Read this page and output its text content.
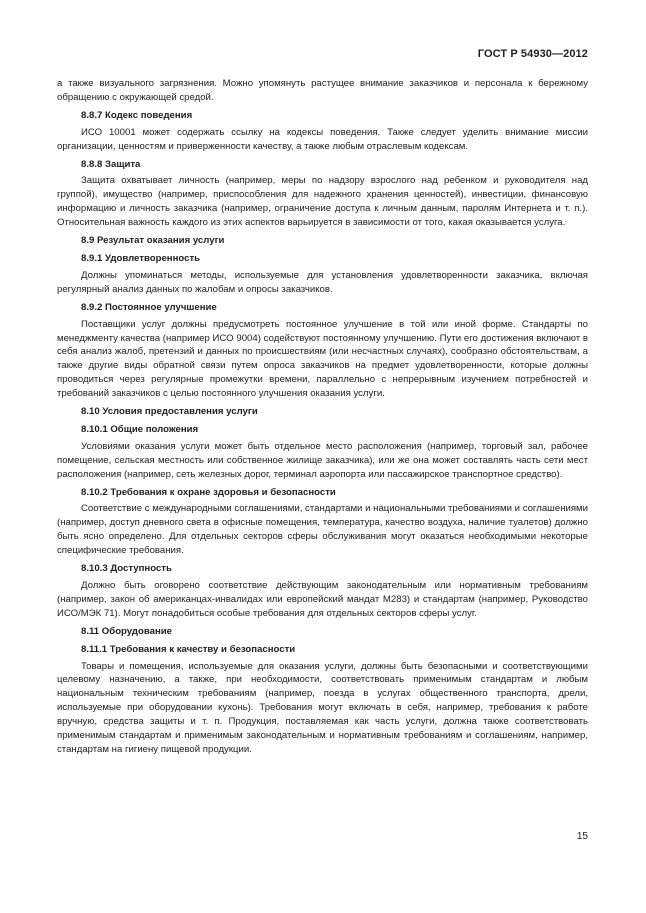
ГОСТ Р 54930—2012

а также визуального загрязнения. Можно упомянуть растущее внимание заказчиков и персонала к бережному обращению с окружающей средой.

8.8.7 Кодекс поведения

ИСО 10001 может содержать ссылку на кодексы поведения. Также следует уделить внимание миссии организации, ценностям и приверженности качеству, а также любым отраслевым кодексам.

8.8.8 Защита

Защита охватывает личность (например, меры по надзору взрослого над ребенком и руководителя над группой), имущество (например, приспособления для надежного хранения ценностей), инвестиции, финансовую информацию и личность заказчика (например, ограничение доступа к личным данным, паролям Интернета и т. п.). Относительная важность каждого из этих аспектов варьируется в зависимости от того, какая оказывается услуга.

8.9 Результат оказания услуги
8.9.1 Удовлетворенность

Должны упоминаться методы, используемые для установления удовлетворенности заказчика, включая регулярный анализ данных по жалобам и опросы заказчиков.

8.9.2 Постоянное улучшение

Поставщики услуг должны предусмотреть постоянное улучшение в той или иной форме. Стандарты по менеджменту качества (например ИСО 9004) содействуют постоянному улучшению. Пути его достижения включают в себя анализ жалоб, претензий и данных по происшествиям (или несчастных случаях), сообразно обстоятельствам, а также другие виды обратной связи путем опроса заказчиков на предмет удовлетворенности, которые должны проводиться через регулярные промежутки времени, параллельно с непрерывным изучением потребностей и требований заказчиков с целью постоянного улучшения оказания услуги.

8.10 Условия предоставления услуги
8.10.1 Общие положения

Условиями оказания услуги может быть отдельное место расположения (например, торговый зал, рабочее помещение, сельская местность или собственное жилище заказчика), или же она может составлять часть сети мест расположения (например, сеть железных дорог, терминал аэропорта или пассажирское транспортное средство).

8.10.2 Требования к охране здоровья и безопасности

Соответствие с международными соглашениями, стандартами и национальными требованиями и соглашениями (например, доступ дневного света в офисные помещения, температура, качество воздуха, наличие туалетов) должно быть ясно определено. Для отдельных секторов сферы обслуживания могут оказаться необходимыми некоторые специфические требования.

8.10.3 Доступность

Должно быть оговорено соответствие действующим законодательным или нормативным требованиям (например, закон об американцах-инвалидах или европейский мандат М283) и стандартам (например, Руководство ИСО/МЭК 71). Могут понадобиться особые требования для отдельных секторов сферы услуг.

8.11 Оборудование
8.11.1 Требования к качеству и безопасности

Товары и помещения, используемые для оказания услуги, должны быть безопасными и соответствующими целевому назначению, а также, при необходимости, соответствовать применимым стандартам и любым национальным техническим требованиям (например, поезда в услугах общественного транспорта, дрели, используемые при оборудовании кухонь). Требования могут включать в себя, например, требования к работе вручную, средства защиты и т. п. Продукция, поставляемая как часть услуги, должна также соответствовать применимым стандартам и применимым законодательным и нормативным требованиям и соглашениям, например, стандартам на гигиену пищевой продукции.

15
